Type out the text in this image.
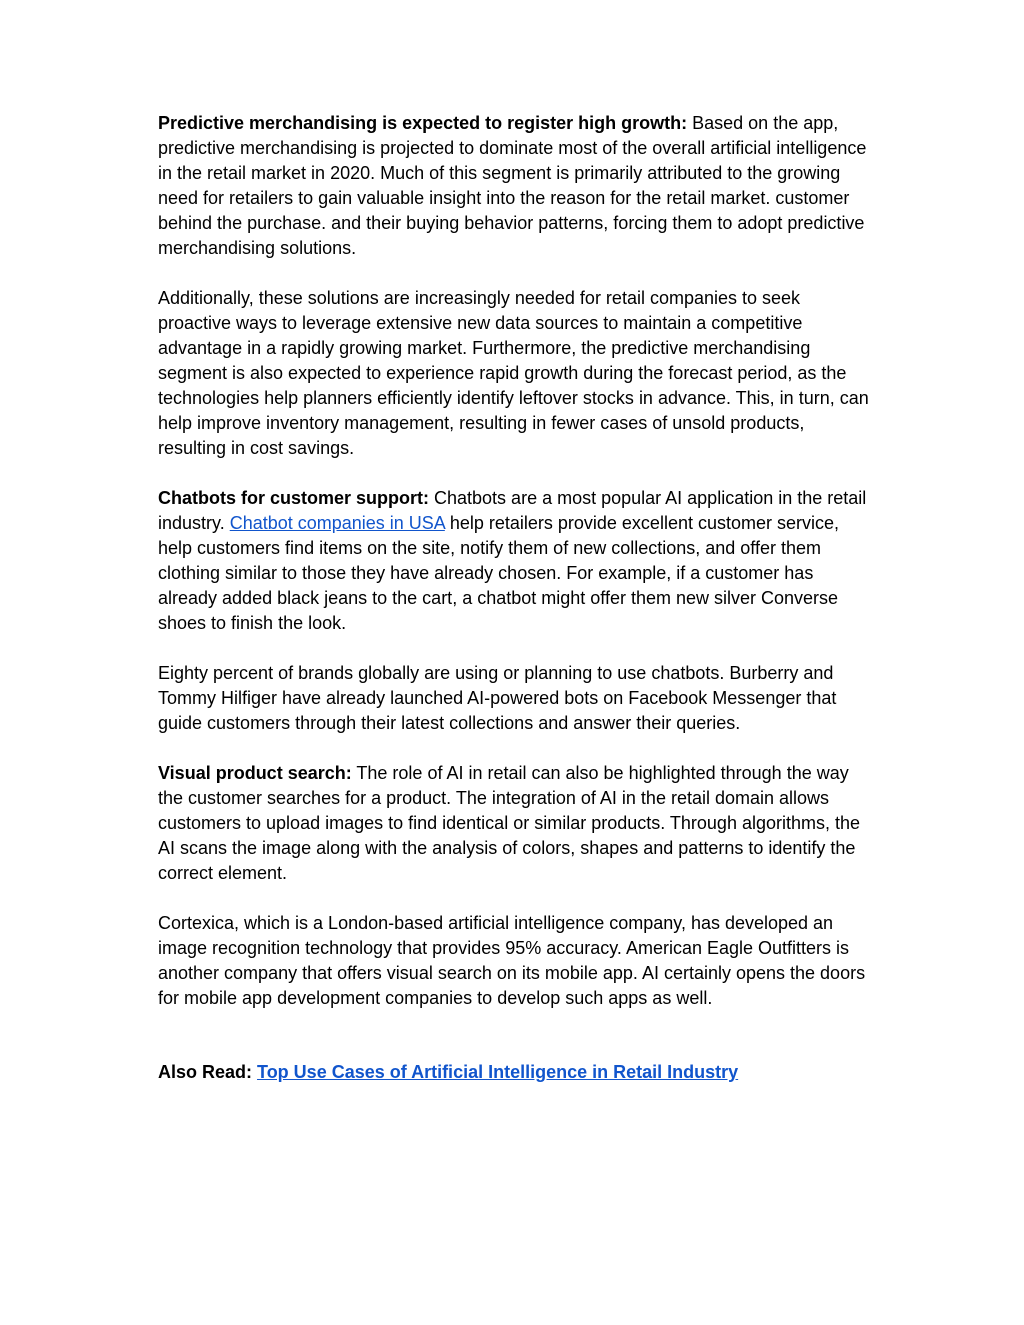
Predictive merchandising is expected to register high growth: Based on the app, predictive merchandising is projected to dominate most of the overall artificial intelligence in the retail market in 2020. Much of this segment is primarily attributed to the growing need for retailers to gain valuable insight into the reason for the retail market. customer behind the purchase. and their buying behavior patterns, forcing them to adopt predictive merchandising solutions.

Additionally, these solutions are increasingly needed for retail companies to seek proactive ways to leverage extensive new data sources to maintain a competitive advantage in a rapidly growing market. Furthermore, the predictive merchandising segment is also expected to experience rapid growth during the forecast period, as the technologies help planners efficiently identify leftover stocks in advance. This, in turn, can help improve inventory management, resulting in fewer cases of unsold products, resulting in cost savings.

Chatbots for customer support: Chatbots are a most popular AI application in the retail industry. Chatbot companies in USA help retailers provide excellent customer service, help customers find items on the site, notify them of new collections, and offer them clothing similar to those they have already chosen. For example, if a customer has already added black jeans to the cart, a chatbot might offer them new silver Converse shoes to finish the look.

Eighty percent of brands globally are using or planning to use chatbots. Burberry and Tommy Hilfiger have already launched AI-powered bots on Facebook Messenger that guide customers through their latest collections and answer their queries.

Visual product search: The role of AI in retail can also be highlighted through the way the customer searches for a product. The integration of AI in the retail domain allows customers to upload images to find identical or similar products. Through algorithms, the AI scans the image along with the analysis of colors, shapes and patterns to identify the correct element.

Cortexica, which is a London-based artificial intelligence company, has developed an image recognition technology that provides 95% accuracy. American Eagle Outfitters is another company that offers visual search on its mobile app. AI certainly opens the doors for mobile app development companies to develop such apps as well.

Also Read: Top Use Cases of Artificial Intelligence in Retail Industry
